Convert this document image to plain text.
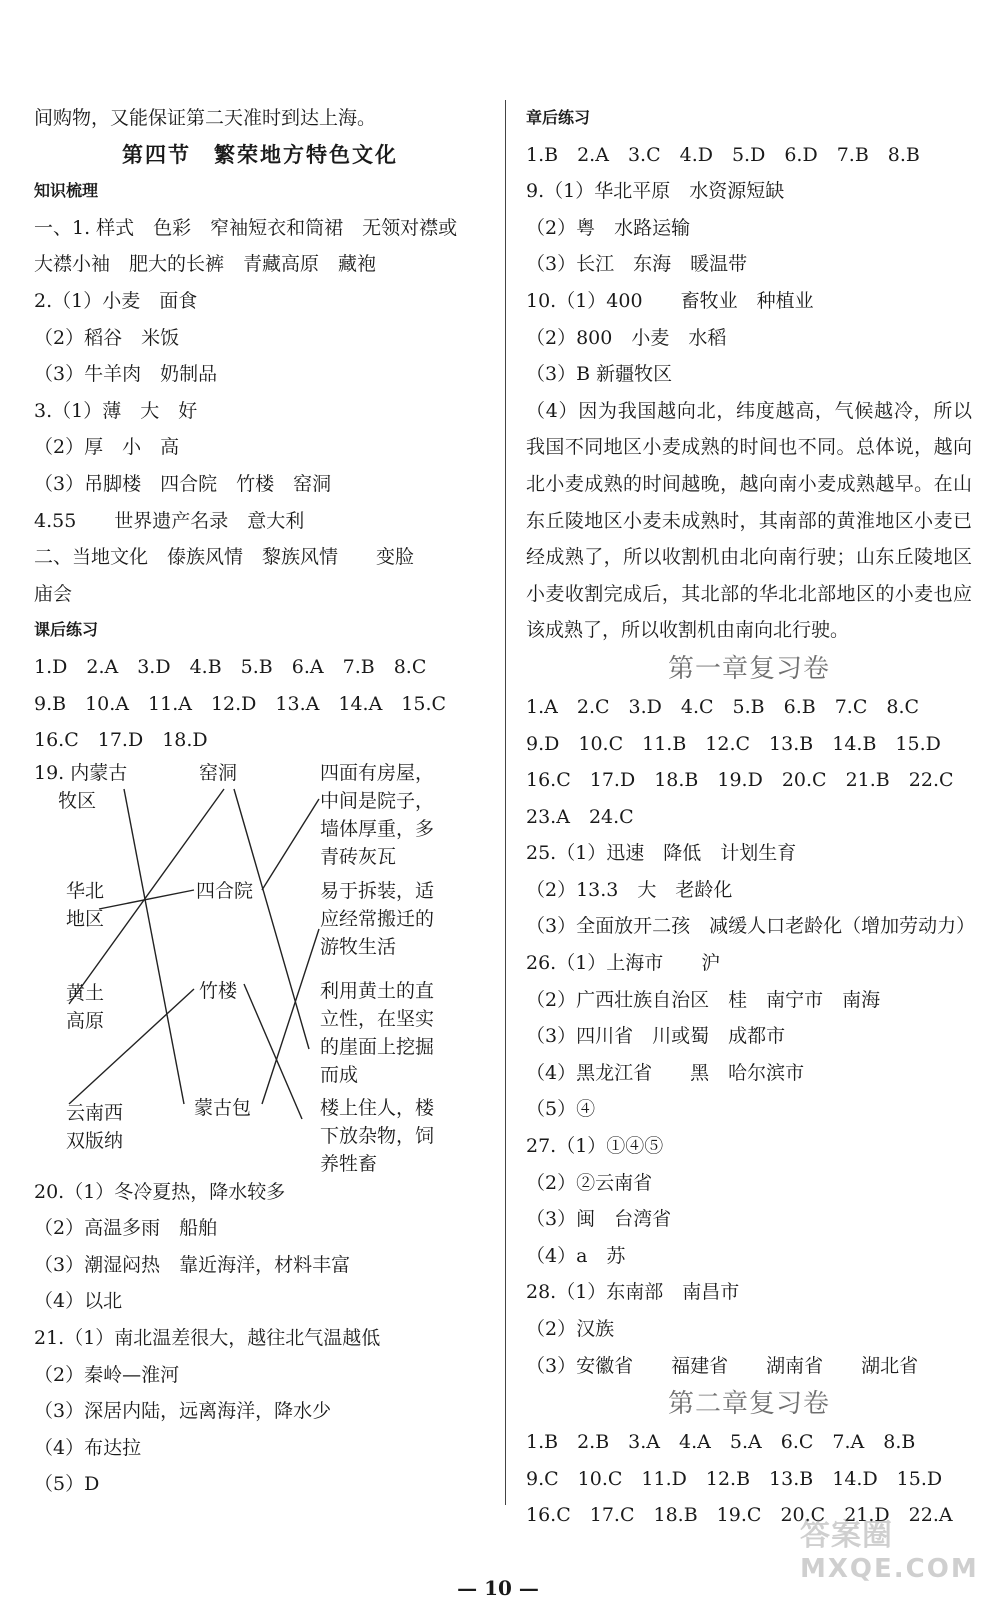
间购物，又能保证第二天准时到达上海。
第四节　繁荣地方特色文化
知识梳理
一、1. 样式　色彩　窄袖短衣和筒裙　无领对襟或
大襟小袖　肥大的长裤　青藏高原　藏袍
2.（1）小麦　面食
（2）稻谷　米饭
（3）牛羊肉　奶制品
3.（1）薄　大　好
（2）厚　小　高
（3）吊脚楼　四合院　竹楼　窑洞
4.55　　世界遗产名录　意大利
二、当地文化　傣族风情　黎族风情　　变脸
庙会
课后练习
1.D　2.A　3.D　4.B　5.B　6.A　7.B　8.C
9.B　10.A　11.A　12.D　13.A　14.A　15.C
16.C　17.D　18.D
19. 内蒙古
牧区
华北
地区
黄土
高原
云南西
双版纳
窑洞
四合院
竹楼
蒙古包
四面有房屋，
中间是院子，
墙体厚重，多
青砖灰瓦
易于拆装，适
应经常搬迁的
游牧生活
利用黄土的直
立性，在坚实
的崖面上挖掘
而成
楼上住人，楼
下放杂物，饲
养牲畜
20.（1）冬冷夏热，降水较多
（2）高温多雨　船舶
（3）潮湿闷热　靠近海洋，材料丰富
（4）以北
21.（1）南北温差很大，越往北气温越低
（2）秦岭—淮河
（3）深居内陆，远离海洋，降水少
（4）布达拉
（5）D
章后练习
1.B　2.A　3.C　4.D　5.D　6.D　7.B　8.B
9.（1）华北平原　水资源短缺
（2）粤　水路运输
（3）长江　东海　暖温带
10.（1）400　　畜牧业　种植业
（2）800　小麦　水稻
（3）B 新疆牧区
（4）因为我国越向北，纬度越高，气候越冷，所以我国不同地区小麦成熟的时间也不同。总体说，越向北小麦成熟的时间越晚，越向南小麦成熟越早。在山东丘陵地区小麦未成熟时，其南部的黄淮地区小麦已经成熟了，所以收割机由北向南行驶；山东丘陵地区小麦收割完成后，其北部的华北北部地区的小麦也应该成熟了，所以收割机由南向北行驶。
第一章复习卷
1.A　2.C　3.D　4.C　5.B　6.B　7.C　8.C
9.D　10.C　11.B　12.C　13.B　14.B　15.D
16.C　17.D　18.B　19.D　20.C　21.B　22.C
23.A　24.C
25.（1）迅速　降低　计划生育
（2）13.3　大　老龄化
（3）全面放开二孩　减缓人口老龄化（增加劳动力）
26.（1）上海市　　沪
（2）广西壮族自治区　桂　南宁市　南海
（3）四川省　川或蜀　成都市
（4）黑龙江省　　黑　哈尔滨市
（5）④
27.（1）①④⑤
（2）②云南省
（3）闽　台湾省
（4）a　苏
28.（1）东南部　南昌市
（2）汉族
（3）安徽省　　福建省　　湖南省　　湖北省
第二章复习卷
1.B　2.B　3.A　4.A　5.A　6.C　7.A　8.B
9.C　10.C　11.D　12.B　13.B　14.D　15.D
16.C　17.C　18.B　19.C　20.C　21.D　22.A
— 10 —
答案圈
MXQE.COM
